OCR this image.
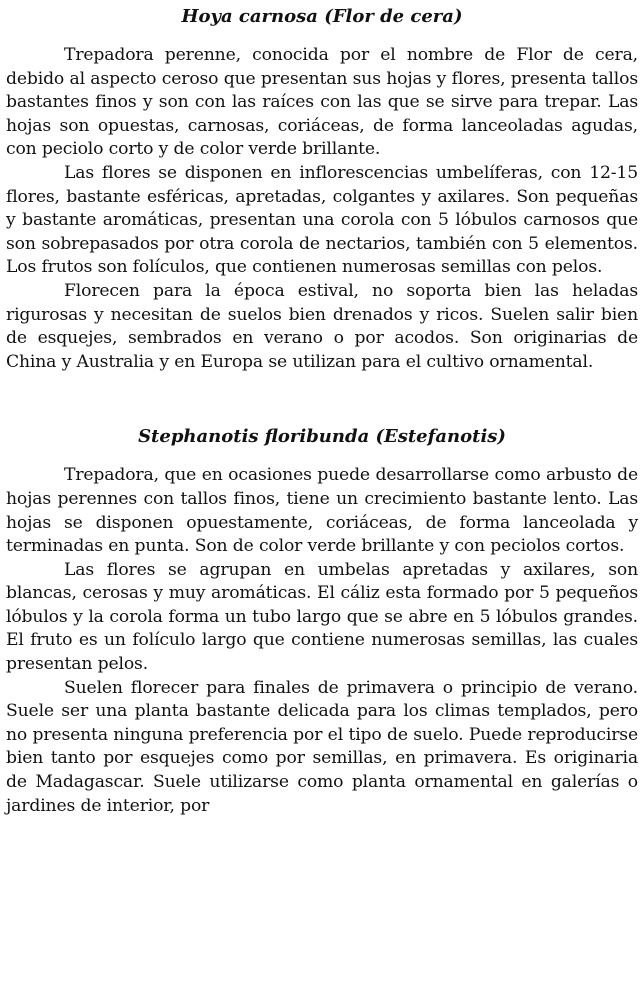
Hoya carnosa (Flor de cera)

Trepadora perenne, conocida por el nombre de Flor de cera, debido al aspecto ceroso que presentan sus hojas y flores, presenta tallos bastantes finos y son con las raíces con las que se sirve para trepar. Las hojas son opuestas, carnosas, coriáceas, de forma lanceoladas agudas, con peciolo corto y de color verde brillante.

Las flores se disponen en inflorescencias umbelíferas, con 12-15 flores, bastante esféricas, apretadas, colgantes y axilares. Son pequeñas y bastante aromáticas, presentan una corola con 5 lóbulos carnosos que son sobrepasados por otra corola de nectarios, también con 5 elementos. Los frutos son folículos, que contienen numerosas semillas con pelos.

Florecen para la época estival, no soporta bien las heladas rigurosas y necesitan de suelos bien drenados y ricos. Suelen salir bien de esquejes, sembrados en verano o por acodos. Son originarias de China y Australia y en Europa se utilizan para el cultivo ornamental.

Stephanotis floribunda (Estefanotis)

Trepadora, que en ocasiones puede desarrollarse como arbusto de hojas perennes con tallos finos, tiene un crecimiento bastante lento. Las hojas se disponen opuestamente, coriáceas, de forma lanceolada y terminadas en punta. Son de color verde brillante y con peciolos cortos.

Las flores se agrupan en umbelas apretadas y axilares, son blancas, cerosas y muy aromáticas. El cáliz esta formado por 5 pequeños lóbulos y la corola forma un tubo largo que se abre en 5 lóbulos grandes. El fruto es un folículo largo que contiene numerosas semillas, las cuales presentan pelos.

Suelen florecer para finales de primavera o principio de verano. Suele ser una planta bastante delicada para los climas templados, pero no presenta ninguna preferencia por el tipo de suelo. Puede reproducirse bien tanto por esquejes como por semillas, en primavera. Es originaria de Madagascar. Suele utilizarse como planta ornamental en galerías o jardines de interior, por
